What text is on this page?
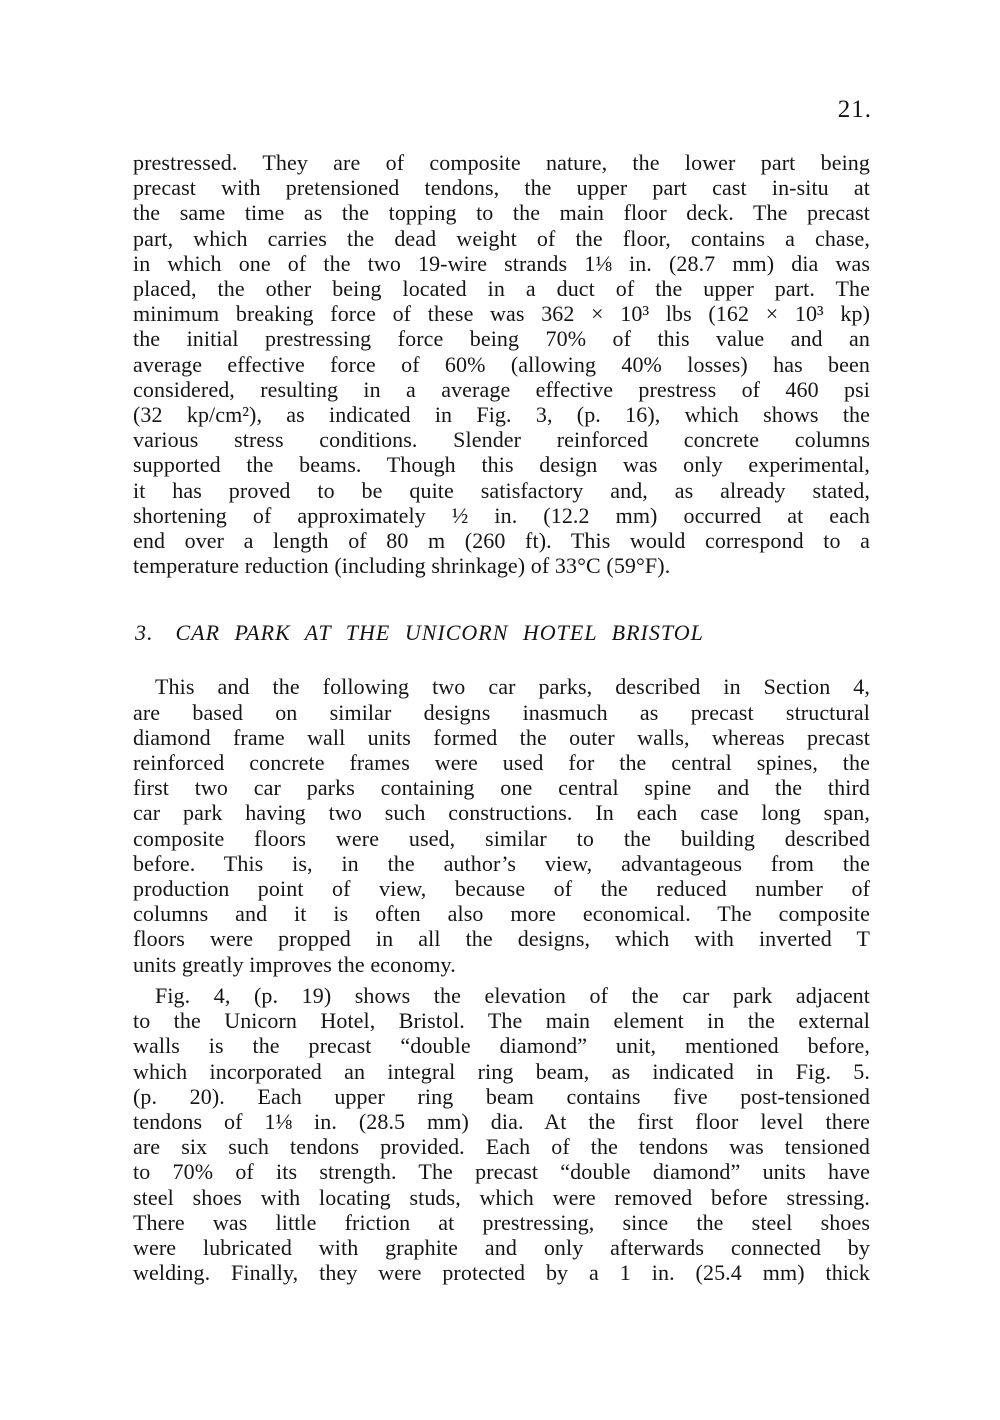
21.
prestressed. They are of composite nature, the lower part being
precast with pretensioned tendons, the upper part cast in-situ at
the same time as the topping to the main floor deck. The precast
part, which carries the dead weight of the floor, contains a chase,
in which one of the two 19-wire strands 1⅛ in. (28.7 mm) dia was
placed, the other being located in a duct of the upper part. The
minimum breaking force of these was 362 × 10³ lbs (162 × 10³ kp)
the initial prestressing force being 70% of this value and an
average effective force of 60% (allowing 40% losses) has been
considered, resulting in a average effective prestress of 460 psi
(32 kp/cm²), as indicated in Fig. 3, (p. 16), which shows the
various stress conditions. Slender reinforced concrete columns
supported the beams. Though this design was only experimental,
it has proved to be quite satisfactory and, as already stated,
shortening of approximately ½ in. (12.2 mm) occurred at each
end over a length of 80 m (260 ft). This would correspond to a
temperature reduction (including shrinkage) of 33°C (59°F).
3. CAR PARK AT THE UNICORN HOTEL BRISTOL
This and the following two car parks, described in Section 4,
are based on similar designs inasmuch as precast structural
diamond frame wall units formed the outer walls, whereas precast
reinforced concrete frames were used for the central spines, the
first two car parks containing one central spine and the third
car park having two such constructions. In each case long span,
composite floors were used, similar to the building described
before. This is, in the author’s view, advantageous from the
production point of view, because of the reduced number of
columns and it is often also more economical. The composite
floors were propped in all the designs, which with inverted T
units greatly improves the economy.
Fig. 4, (p. 19) shows the elevation of the car park adjacent
to the Unicorn Hotel, Bristol. The main element in the external
walls is the precast “double diamond” unit, mentioned before,
which incorporated an integral ring beam, as indicated in Fig. 5.
(p. 20). Each upper ring beam contains five post-tensioned
tendons of 1⅛ in. (28.5 mm) dia. At the first floor level there
are six such tendons provided. Each of the tendons was tensioned
to 70% of its strength. The precast “double diamond” units have
steel shoes with locating studs, which were removed before stressing.
There was little friction at prestressing, since the steel shoes
were lubricated with graphite and only afterwards connected by
welding. Finally, they were protected by a 1 in. (25.4 mm) thick
